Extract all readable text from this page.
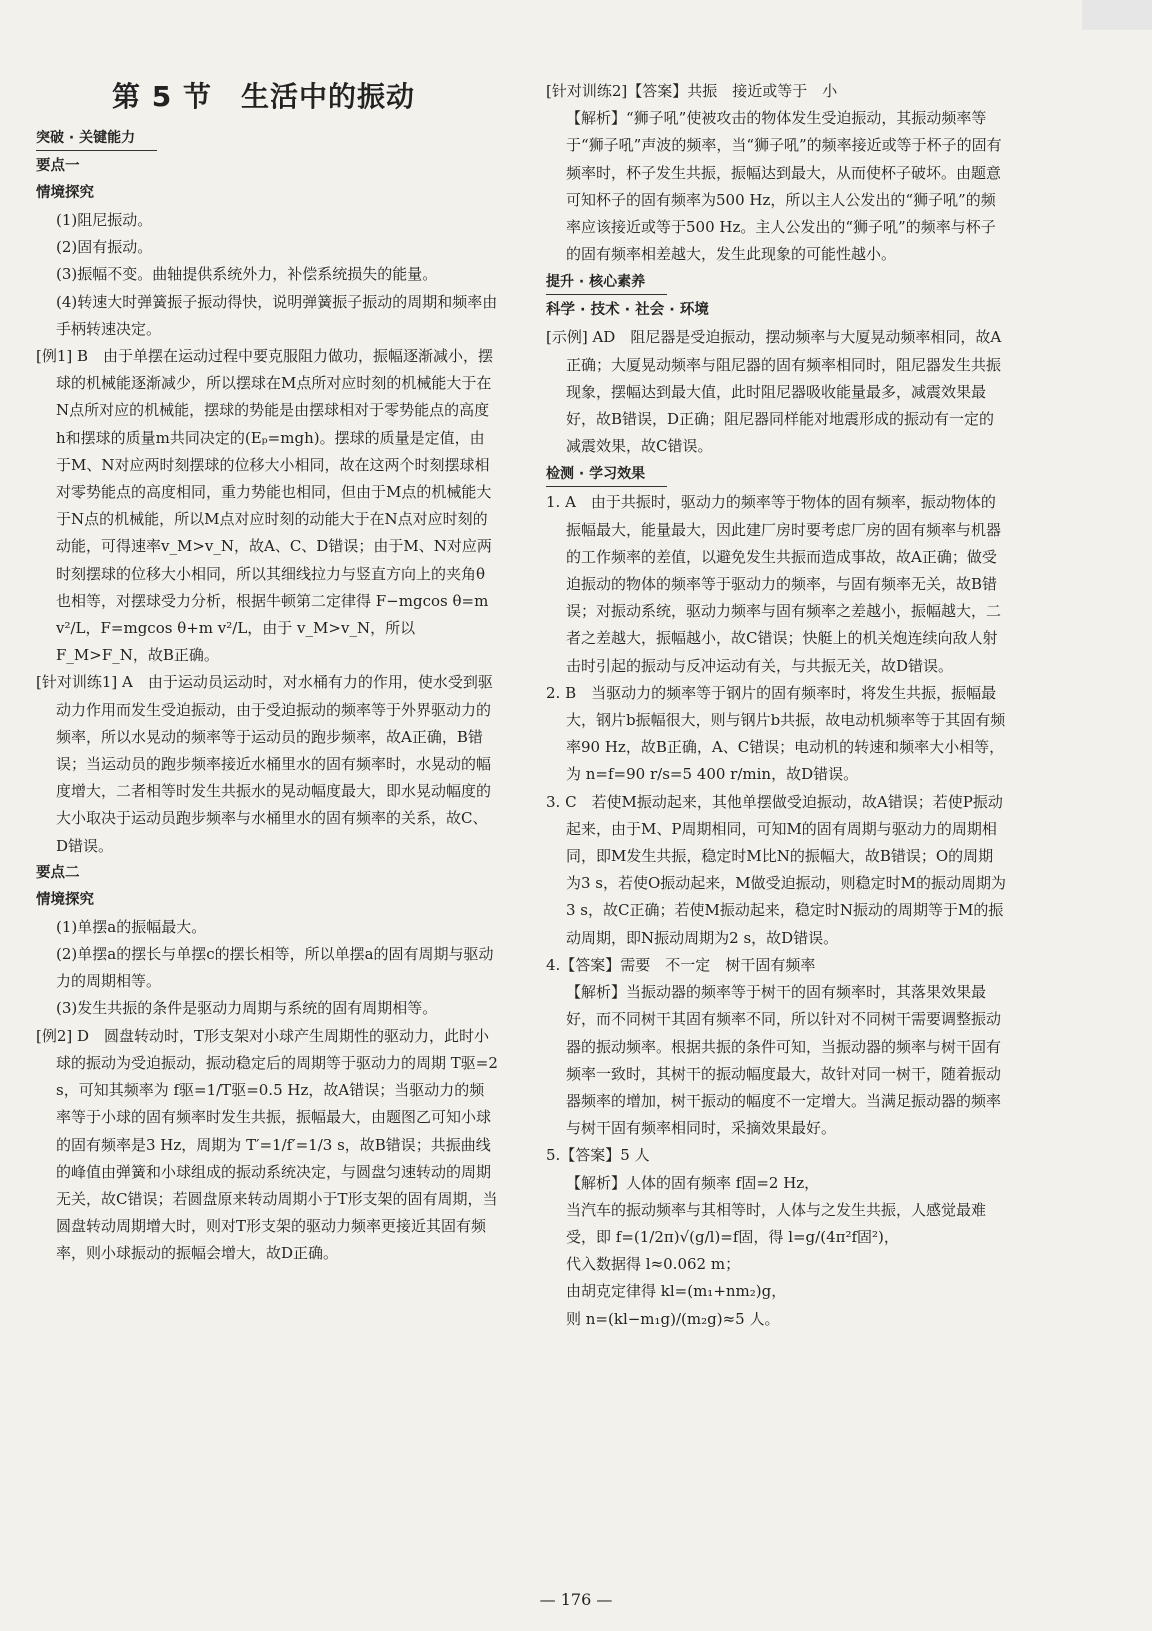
第 5 节　生活中的振动
突破 · 关键能力

要点一

情境探究

(1)阻尼振动。

(2)固有振动。

(3)振幅不变。曲轴提供系统外力，补偿系统损失的能量。

(4)转速大时弹簧振子振动得快，说明弹簧振子振动的周期和频率由手柄转速决定。

[例1] B　由于单摆在运动过程中要克服阻力做功，振幅逐渐减小，摆球的机械能逐渐减少，所以摆球在M点所对应时刻的机械能大于在N点所对应的机械能，摆球的势能是由摆球相对于零势能点的高度h和摆球的质量m共同决定的(Eₚ=mgh)。摆球的质量是定值，由于M、N对应两时刻摆球的位移大小相同，故在这两个时刻摆球相对零势能点的高度相同，重力势能也相同，但由于M点的机械能大于N点的机械能，所以M点对应时刻的动能大于在N点对应时刻的动能，可得速率v_M>v_N，故A、C、D错误；由于M、N对应两时刻摆球的位移大小相同，所以其细线拉力与竖直方向上的夹角θ也相等，对摆球受力分析，根据牛顿第二定律得 F−mgcos θ=m v²/L，F=mgcos θ+m v²/L，由于 v_M>v_N，所以F_M>F_N，故B正确。

[针对训练1] A　由于运动员运动时，对水桶有力的作用，使水受到驱动力作用而发生受迫振动，由于受迫振动的频率等于外界驱动力的频率，所以水晃动的频率等于运动员的跑步频率，故A正确，B错误；当运动员的跑步频率接近水桶里水的固有频率时，水晃动的幅度增大，二者相等时发生共振水的晃动幅度最大，即水晃动幅度的大小取决于运动员跑步频率与水桶里水的固有频率的关系，故C、D错误。

要点二

情境探究

(1)单摆a的振幅最大。

(2)单摆a的摆长与单摆c的摆长相等，所以单摆a的固有周期与驱动力的周期相等。

(3)发生共振的条件是驱动力周期与系统的固有周期相等。

[例2] D　圆盘转动时，T形支架对小球产生周期性的驱动力，此时小球的振动为受迫振动，振动稳定后的周期等于驱动力的周期 T驱=2 s，可知其频率为 f驱=1/T驱=0.5 Hz，故A错误；当驱动力的频率等于小球的固有频率时发生共振，振幅最大，由题图乙可知小球的固有频率是3 Hz，周期为 T′=1/f′=1/3 s，故B错误；共振曲线的峰值由弹簧和小球组成的振动系统决定，与圆盘匀速转动的周期无关，故C错误；若圆盘原来转动周期小于T形支架的固有周期，当圆盘转动周期增大时，则对T形支架的驱动力频率更接近其固有频率，则小球振动的振幅会增大，故D正确。

[针对训练2]【答案】共振　接近或等于　小

【解析】“狮子吼”使被攻击的物体发生受迫振动，其振动频率等于“狮子吼”声波的频率，当“狮子吼”的频率接近或等于杯子的固有频率时，杯子发生共振，振幅达到最大，从而使杯子破坏。由题意可知杯子的固有频率为500 Hz，所以主人公发出的“狮子吼”的频率应该接近或等于500 Hz。主人公发出的“狮子吼”的频率与杯子的固有频率相差越大，发生此现象的可能性越小。

提升 · 核心素养

科学 · 技术 · 社会 · 环境

[示例] AD　阻尼器是受迫振动，摆动频率与大厦晃动频率相同，故A正确；大厦晃动频率与阻尼器的固有频率相同时，阻尼器发生共振现象，摆幅达到最大值，此时阻尼器吸收能量最多，减震效果最好，故B错误，D正确；阻尼器同样能对地震形成的振动有一定的减震效果，故C错误。

检测 · 学习效果

1. A　由于共振时，驱动力的频率等于物体的固有频率，振动物体的振幅最大，能量最大，因此建厂房时要考虑厂房的固有频率与机器的工作频率的差值，以避免发生共振而造成事故，故A正确；做受迫振动的物体的频率等于驱动力的频率，与固有频率无关，故B错误；对振动系统，驱动力频率与固有频率之差越小，振幅越大，二者之差越大，振幅越小，故C错误；快艇上的机关炮连续向敌人射击时引起的振动与反冲运动有关，与共振无关，故D错误。

2. B　当驱动力的频率等于钢片的固有频率时，将发生共振，振幅最大，钢片b振幅很大，则与钢片b共振，故电动机频率等于其固有频率90 Hz，故B正确，A、C错误；电动机的转速和频率大小相等，为 n=f=90 r/s=5 400 r/min，故D错误。

3. C　若使M振动起来，其他单摆做受迫振动，故A错误；若使P振动起来，由于M、P周期相同，可知M的固有周期与驱动力的周期相同，即M发生共振，稳定时M比N的振幅大，故B错误；O的周期为3 s，若使O振动起来，M做受迫振动，则稳定时M的振动周期为3 s，故C正确；若使M振动起来，稳定时N振动的周期等于M的振动周期，即N振动周期为2 s，故D错误。

4.【答案】需要　不一定　树干固有频率

【解析】当振动器的频率等于树干的固有频率时，其落果效果最好，而不同树干其固有频率不同，所以针对不同树干需要调整振动器的振动频率。根据共振的条件可知，当振动器的频率与树干固有频率一致时，其树干的振动幅度最大，故针对同一树干，随着振动器频率的增加，树干振动的幅度不一定增大。当满足振动器的频率与树干固有频率相同时，采摘效果最好。

5.【答案】5 人

【解析】人体的固有频率 f固=2 Hz，

当汽车的振动频率与其相等时，人体与之发生共振，人感觉最难受，即 f=(1/2π)√(g/l)=f固，得 l=g/(4π²f固²)，

代入数据得 l≈0.062 m；

由胡克定律得 kl=(m₁+nm₂)g，

则 n=(kl−m₁g)/(m₂g)≈5 人。

— 176 —
